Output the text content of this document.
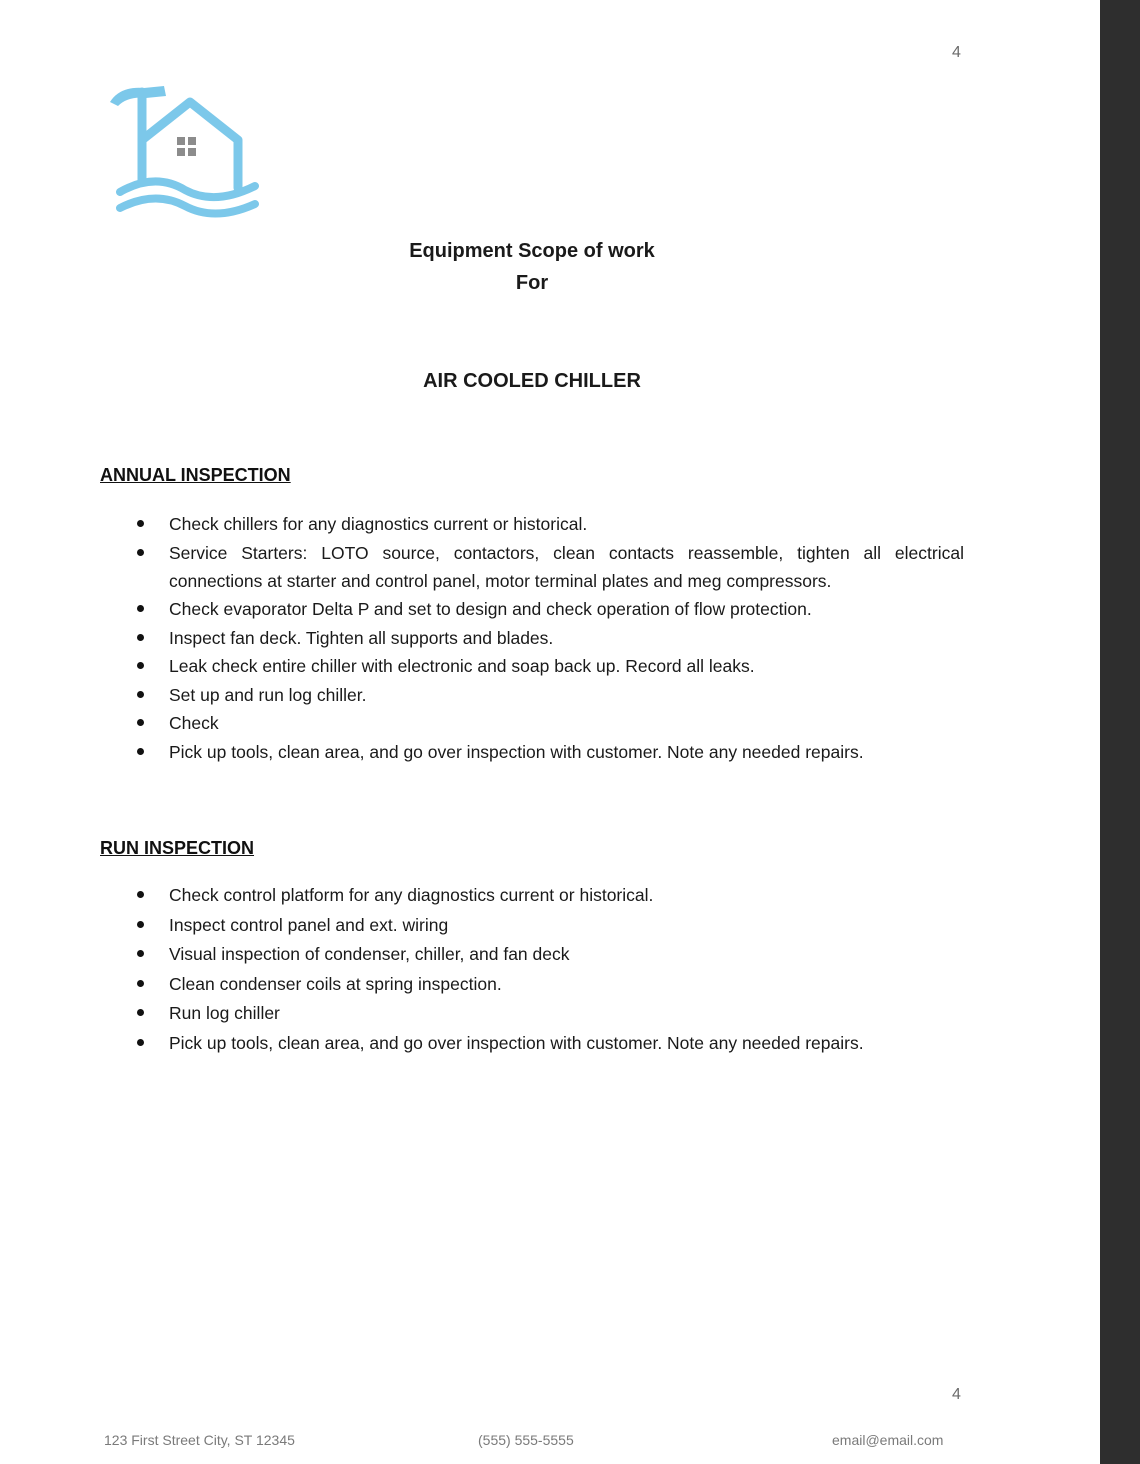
4
Equipment Scope of work
For
AIR COOLED CHILLER
ANNUAL INSPECTION
Check chillers for any diagnostics current or historical.
Service Starters: LOTO source, contactors, clean contacts reassemble, tighten all electrical connections at starter and control panel, motor terminal plates and meg compressors.
Check evaporator Delta P and set to design and check operation of flow protection.
Inspect fan deck. Tighten all supports and blades.
Leak check entire chiller with electronic and soap back up. Record all leaks.
Set up and run log chiller.
Check
Pick up tools, clean area, and go over inspection with customer. Note any needed repairs.
RUN INSPECTION
Check control platform for any diagnostics current or historical.
Inspect control panel and ext. wiring
Visual inspection of condenser, chiller, and fan deck
Clean condenser coils at spring inspection.
Run log chiller
Pick up tools, clean area, and go over inspection with customer. Note any needed repairs.
4
123 First Street City, ST 12345	(555) 555-5555	email@email.com
